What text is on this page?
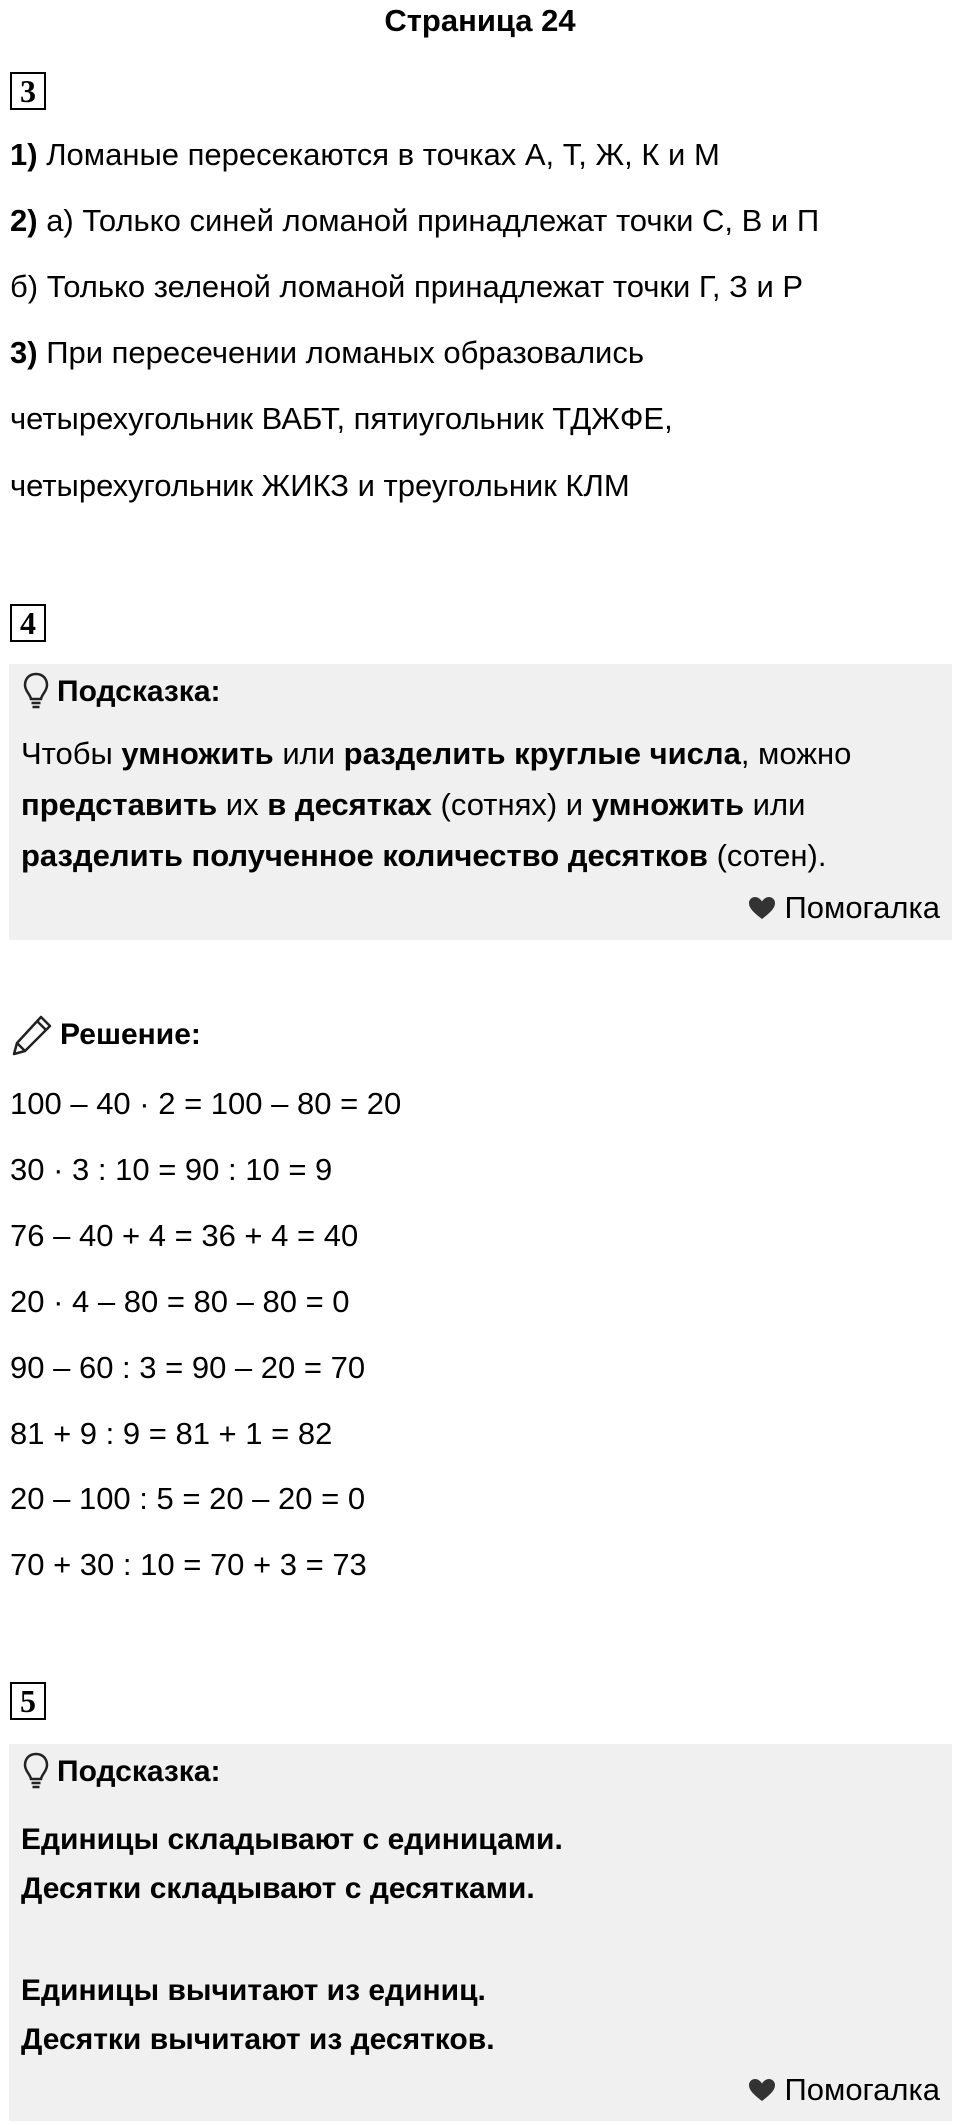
Страница 24
3
1) Ломаные пересекаются в точках А, Т, Ж, К и М
2) а) Только синей ломаной принадлежат точки С, В и П
б) Только зеленой ломаной принадлежат точки Г, З и Р
3) При пересечении ломаных образовались
четырехугольник ВАБТ, пятиугольник ТДЖФЕ,
четырехугольник ЖИКЗ и треугольник КЛМ
4
Подсказка:
Чтобы умножить или разделить круглые числа, можно
представить их в десятках (сотнях) и умножить или
разделить полученное количество десятков (сотен).
Помогалка
Решение:
100 – 40 · 2 = 100 – 80 = 20
30 · 3 : 10 = 90 : 10 = 9
76 – 40 + 4 = 36 + 4 = 40
20 · 4 – 80 = 80 – 80 = 0
90 – 60 : 3 = 90 – 20 = 70
81 + 9 : 9 = 81 + 1 = 82
20 – 100 : 5 = 20 – 20 = 0
70 + 30 : 10 = 70 + 3 = 73
5
Подсказка:
Единицы складывают с единицами.
Десятки складывают с десятками.
Единицы вычитают из единиц.
Десятки вычитают из десятков.
Помогалка
